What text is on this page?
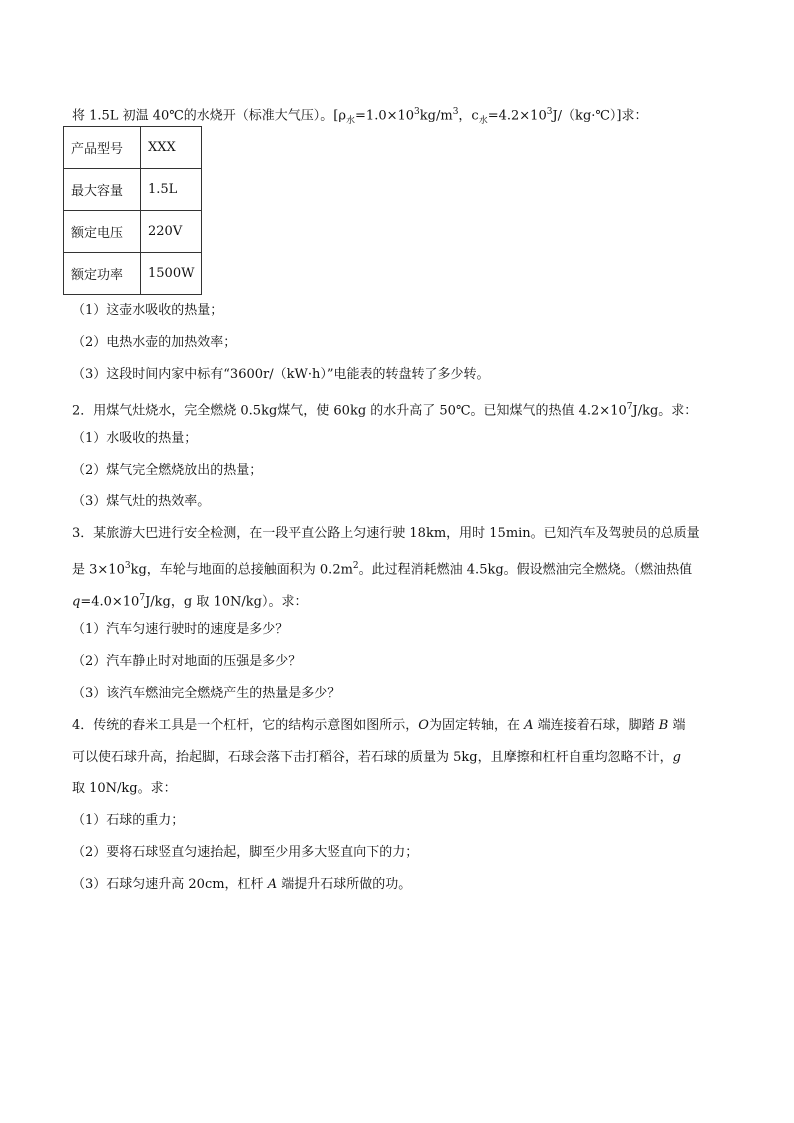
将 1.5L 初温 40℃的水烧开（标准大气压）。[$\rho_水=1.0\times 10^3kg/m^3$，$c_水=4.2\times 10^3J/(kg\cdot℃)$]求：
产品型号	XXX
最大容量	1.5L
额定电压	220V
额定功率	1500W
（1）这壶水吸收的热量；
（2）电热水壶的加热效率；
（3）这段时间内家中标有“3600r/（kW·h）”电能表的转盘转了多少转。
2．用煤气灶烧水，完全燃烧 0.5kg煤气，使 60kg 的水升高了 50℃。已知煤气的热值 $4.2\times 10^7J/kg$。求：
（1）水吸收的热量；
（2）煤气完全燃烧放出的热量；
（3）煤气灶的热效率。
3．某旅游大巴进行安全检测，在一段平直公路上匀速行驶 18km，用时 15min。已知汽车及驾驶员的总质量
是 $3\times 10^3kg$，车轮与地面的总接触面积为 $0.2m^2$。此过程消耗燃油 4.5kg。假设燃油完全燃烧。（燃油热值
$q=4.0\times 10^7J/kg$，g 取 10N/kg）。求：
（1）汽车匀速行驶时的速度是多少？
（2）汽车静止时对地面的压强是多少？
（3）该汽车燃油完全燃烧产生的热量是多少？
4．传统的舂米工具是一个杠杆，它的结构示意图如图所示，O为固定转轴，在 A 端连接着石球，脚踏 B 端
可以使石球升高，抬起脚，石球会落下击打稻谷，若石球的质量为 5kg，且摩擦和杠杆自重均忽略不计，g
取 10N/kg。求：
（1）石球的重力；
（2）要将石球竖直匀速抬起，脚至少用多大竖直向下的力；
（3）石球匀速升高 20cm，杠杆 A 端提升石球所做的功。
